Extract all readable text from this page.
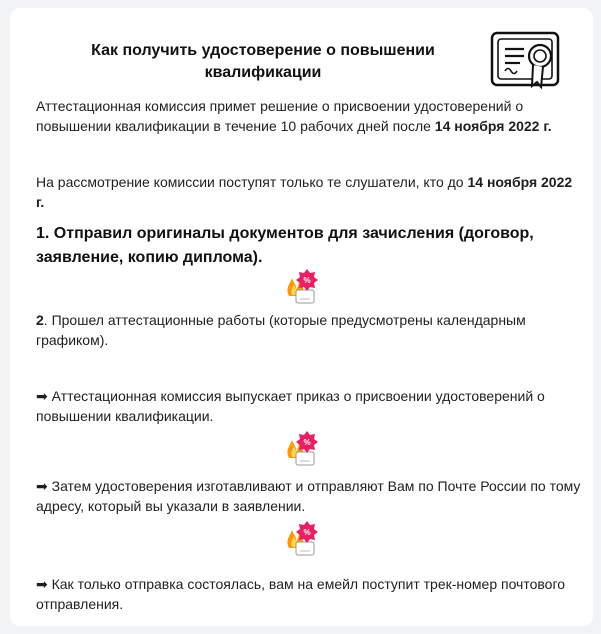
Как получить удостоверение о повышении квалификации
Аттестационная комиссия примет решение о присвоении удостоверений о повышении квалификации в течение 10 рабочих дней после 14 ноября 2022 г.
На рассмотрение комиссии поступят только те слушатели, кто до 14 ноября 2022 г.
1. Отправил оригиналы документов для зачисления (договор, заявление, копию диплома).
%
2. Прошел аттестационные работы (которые предусмотрены календарным графиком).
➡ Аттестационная комиссия выпускает приказ о присвоении удостоверений о повышении квалификации.
%
➡ Затем удостоверения изготавливают и отправляют Вам по Почте России по тому адресу, который вы указали в заявлении.
%
➡ Как только отправка состоялась, вам на емейл поступит трек-номер почтового отправления.
